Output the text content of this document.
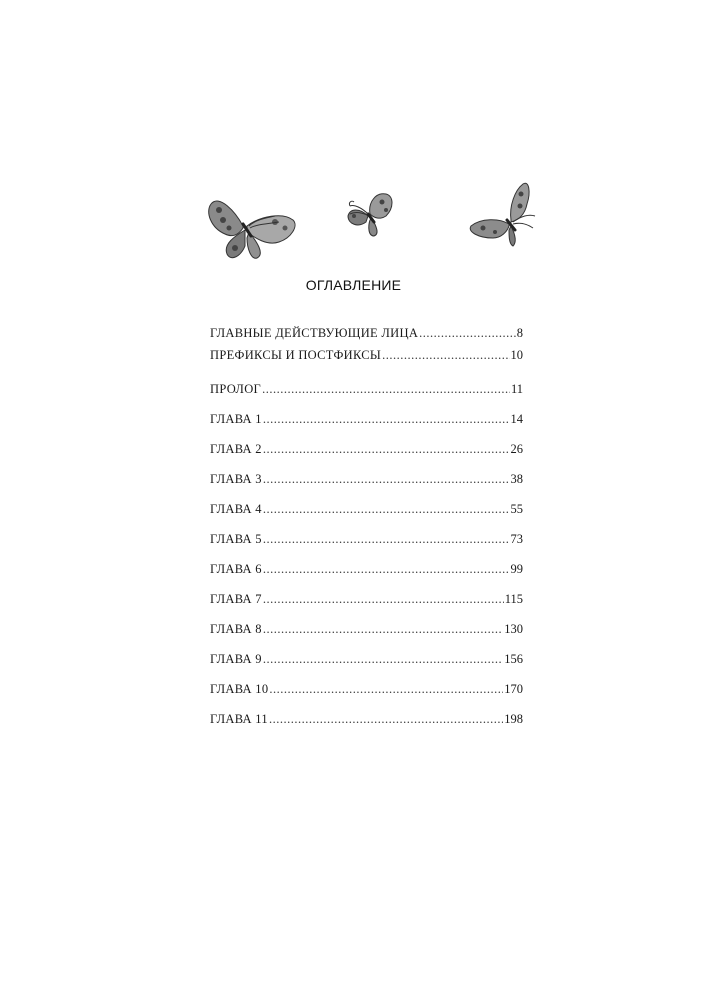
ОГЛАВЛЕНИЕ
ГЛАВНЫЕ ДЕЙСТВУЮЩИЕ ЛИЦА .....	8
ПРЕФИКСЫ И ПОСТФИКСЫ .....	10
ПРОЛОГ .....	11
ГЛАВА 1 .....	14
ГЛАВА 2 .....	26
ГЛАВА 3 .....	38
ГЛАВА 4 .....	55
ГЛАВА 5 .....	73
ГЛАВА 6 .....	99
ГЛАВА 7 .....	115
ГЛАВА 8 .....	130
ГЛАВА 9 .....	156
ГЛАВА 10 .....	170
ГЛАВА 11 .....	198
